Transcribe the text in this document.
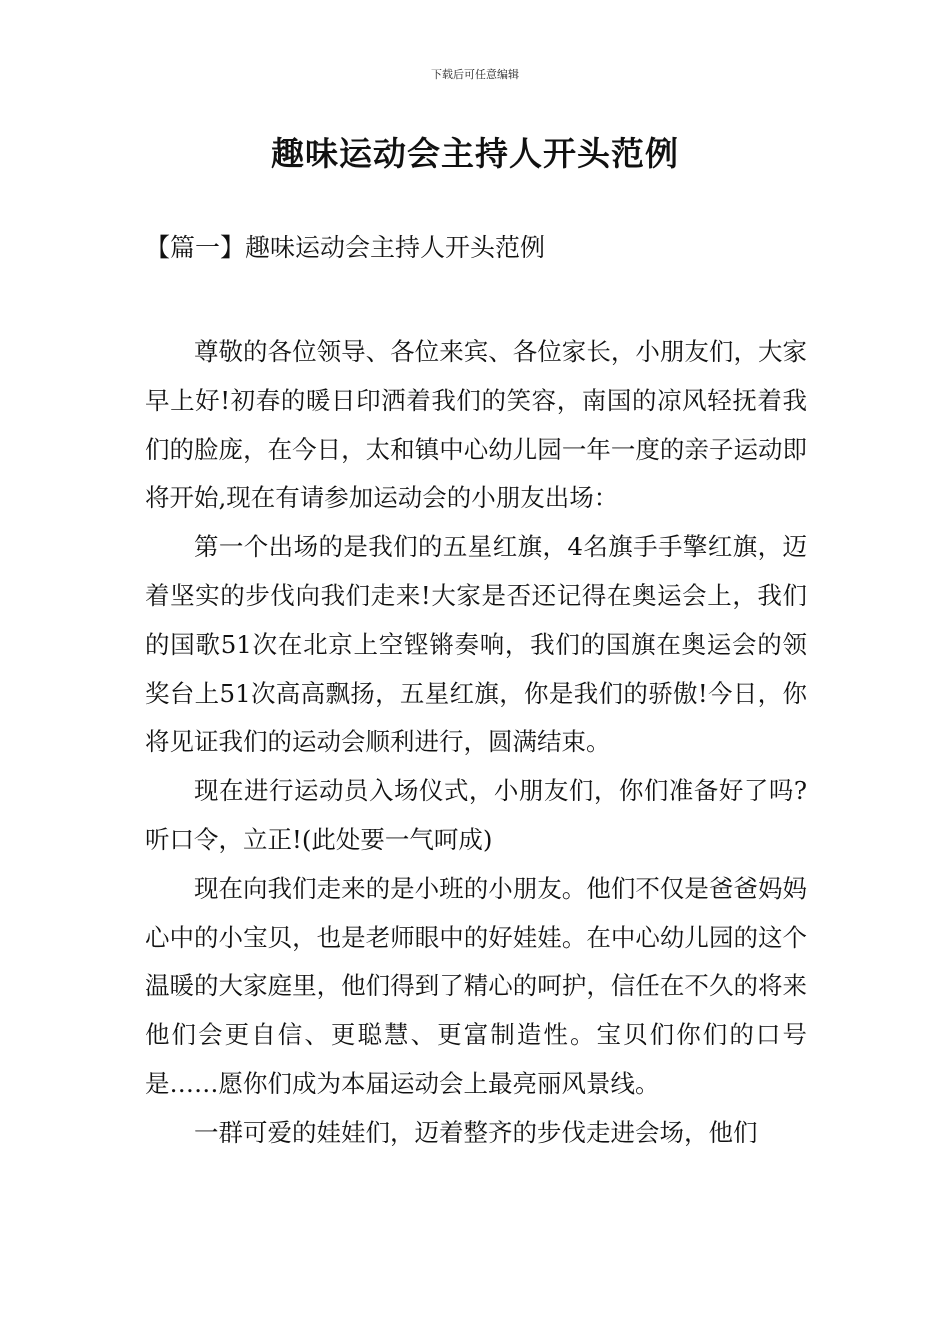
下载后可任意编辑
趣味运动会主持人开头范例
【篇一】趣味运动会主持人开头范例

尊敬的各位领导、各位来宾、各位家长，小朋友们，大家早上好!初春的暖日印洒着我们的笑容，南国的凉风轻抚着我们的脸庞，在今日，太和镇中心幼儿园一年一度的亲子运动即将开始,现在有请参加运动会的小朋友出场：

第一个出场的是我们的五星红旗，4名旗手手擎红旗，迈着坚实的步伐向我们走来!大家是否还记得在奥运会上，我们的国歌51次在北京上空铿锵奏响，我们的国旗在奥运会的领奖台上51次高高飘扬，五星红旗，你是我们的骄傲!今日，你将见证我们的运动会顺利进行，圆满结束。

现在进行运动员入场仪式，小朋友们，你们准备好了吗?听口令，立正!(此处要一气呵成)

现在向我们走来的是小班的小朋友。他们不仅是爸爸妈妈心中的小宝贝，也是老师眼中的好娃娃。在中心幼儿园的这个温暖的大家庭里，他们得到了精心的呵护，信任在不久的将来他们会更自信、更聪慧、更富制造性。宝贝们你们的口号是……愿你们成为本届运动会上最亮丽风景线。

一群可爱的娃娃们，迈着整齐的步伐走进会场，他们
